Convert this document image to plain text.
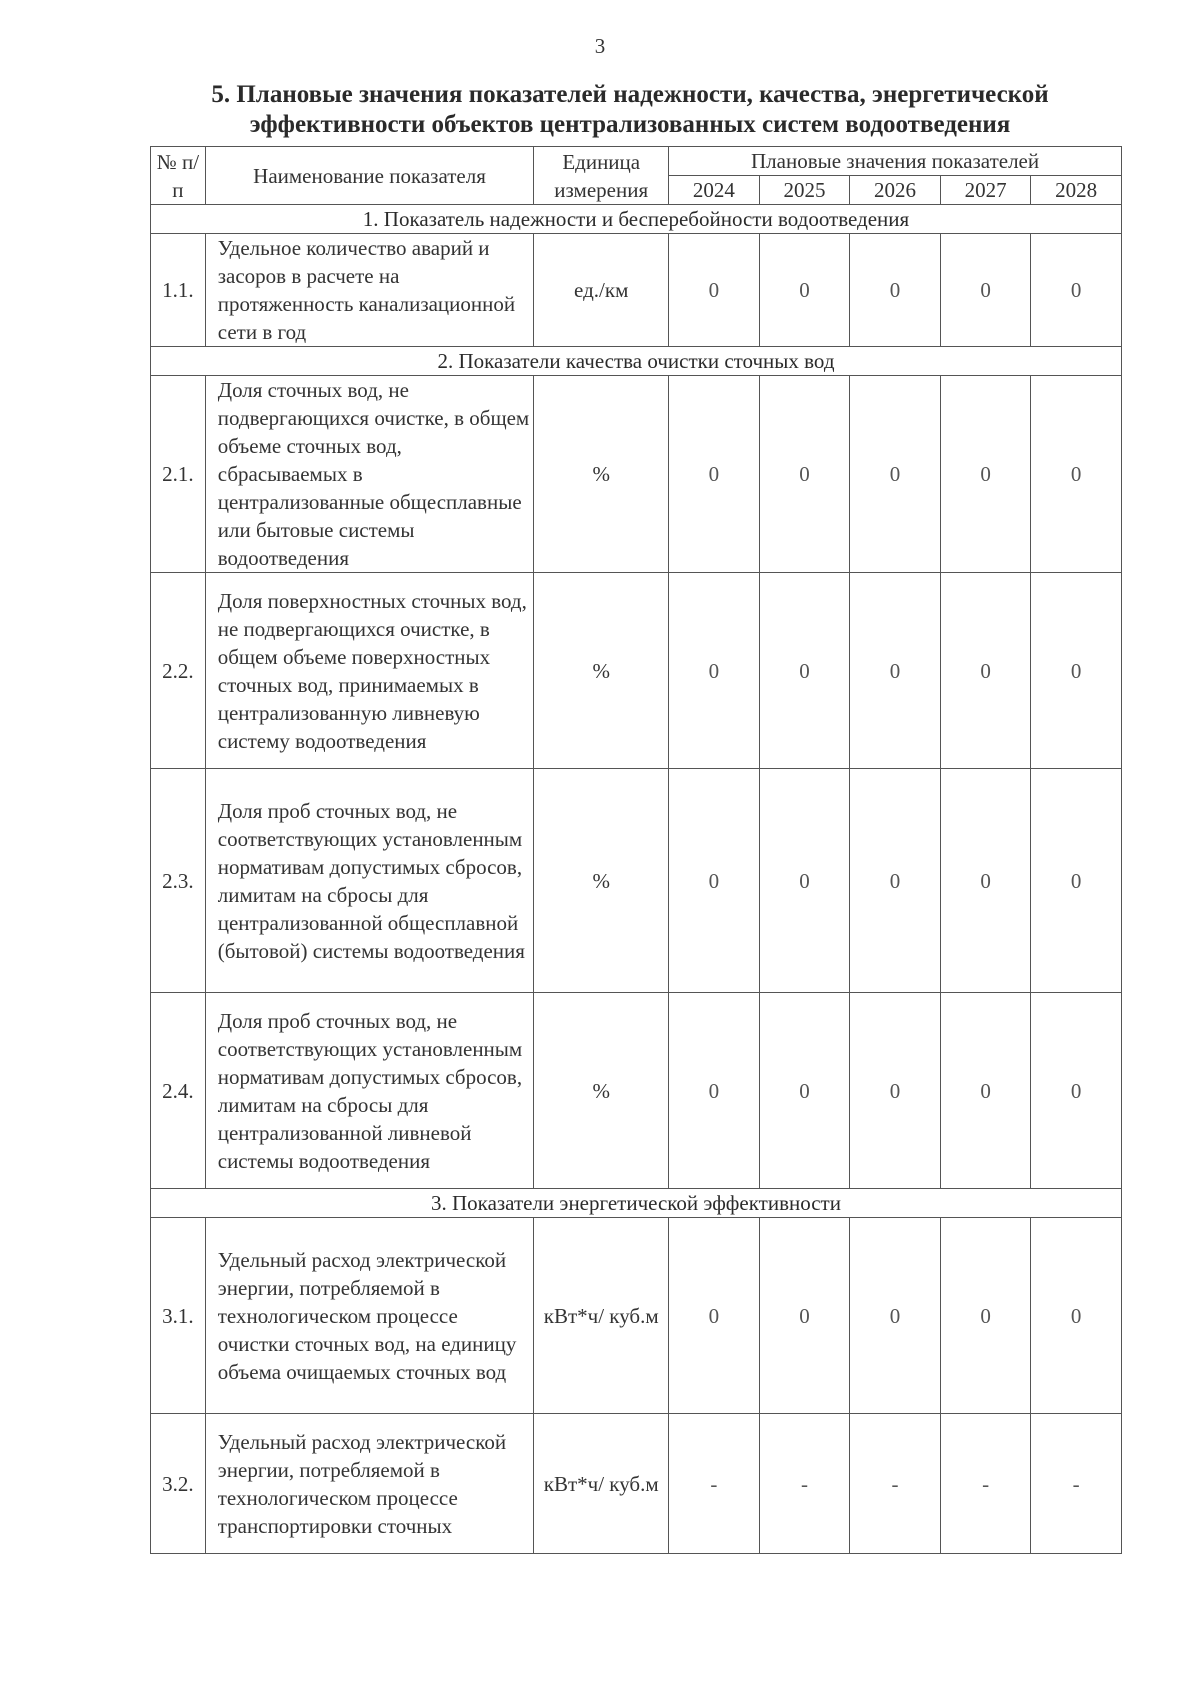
3
5. Плановые значения показателей надежности, качества, энергетической эффективности объектов централизованных систем водоотведения
№ п/п	Наименование показателя	Единица измерения	Плановые значения показателей				
			2024	2025	2026	2027	2028
1. Показатель надежности и бесперебойности водоотведения							
1.1.	Удельное количество аварий и засоров в расчете на протяженность канализационной сети в год	ед./км	0	0	0	0	0
2. Показатели качества очистки сточных вод							
2.1.	Доля сточных вод, не подвергающихся очистке, в общем объеме сточных вод, сбрасываемых в централизованные общесплавные или бытовые системы водоотведения	%	0	0	0	0	0
2.2.	Доля поверхностных сточных вод, не подвергающихся очистке, в общем объеме поверхностных сточных вод, принимаемых в централизованную ливневую систему водоотведения	%	0	0	0	0	0
2.3.	Доля проб сточных вод, не соответствующих установленным нормативам допустимых сбросов, лимитам на сбросы для централизованной общесплавной (бытовой) системы водоотведения	%	0	0	0	0	0
2.4.	Доля проб сточных вод, не соответствующих установленным нормативам допустимых сбросов, лимитам на сбросы для централизованной ливневой системы водоотведения	%	0	0	0	0	0
3. Показатели энергетической эффективности							
3.1.	Удельный расход электрической энергии, потребляемой в технологическом процессе очистки сточных вод, на единицу объема очищаемых сточных вод	кВт*ч/ куб.м	0	0	0	0	0
3.2.	Удельный расход электрической энергии, потребляемой в технологическом процессе транспортировки сточных	кВт*ч/ куб.м	-	-	-	-	-
